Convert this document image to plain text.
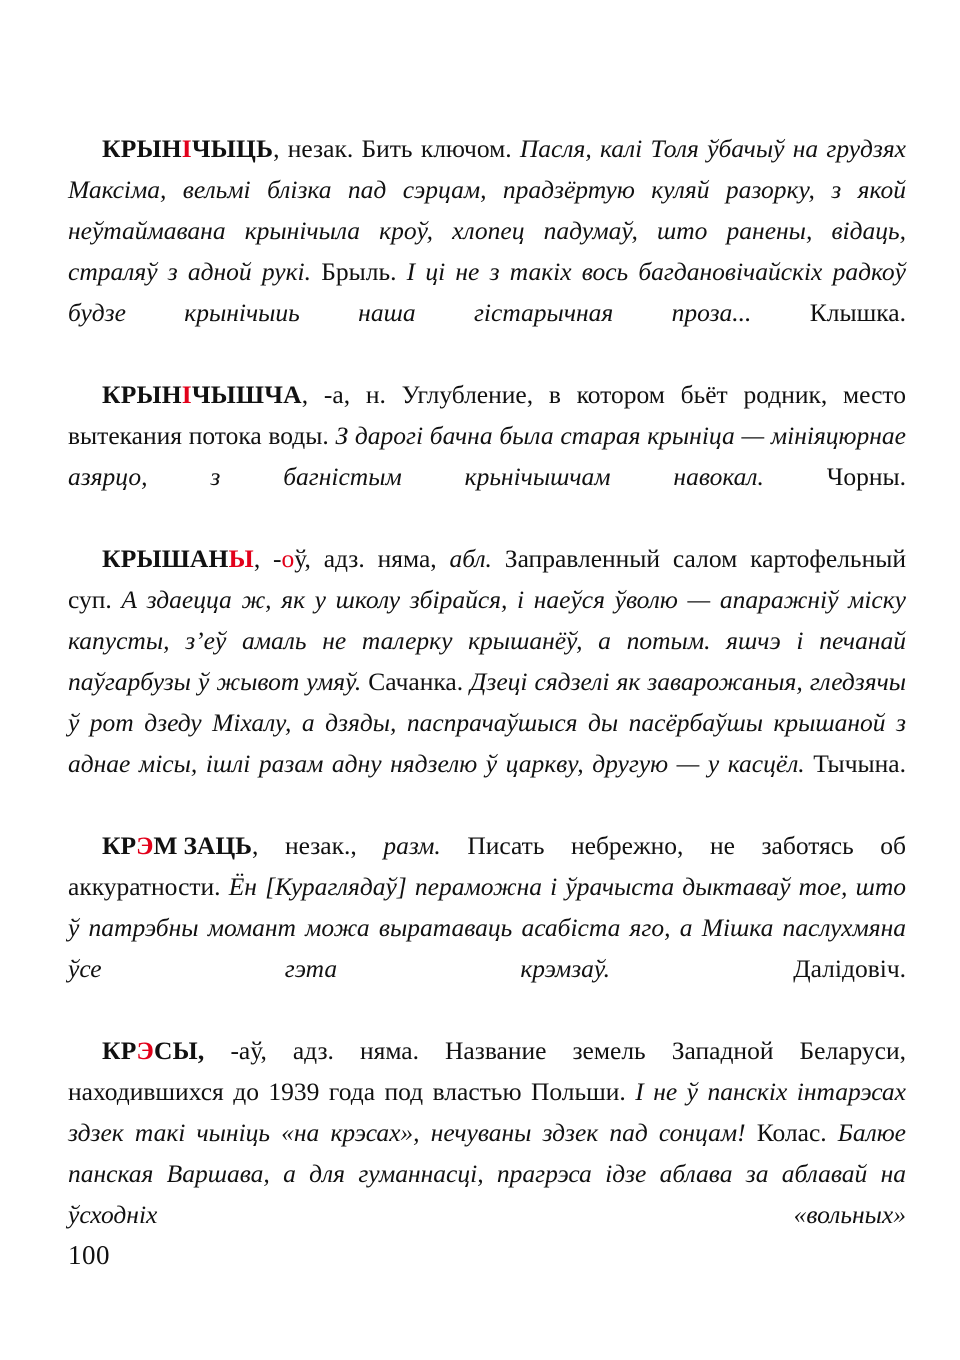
КРЫНІЧЫЦЬ, незак. Бить ключом. Пасля, калі Толя ўбачыў на грудзях Максіма, вельмі блізка пад сэрцам, прадзёртую куляй разорку, з якой неўтаймавана крынічыла кроў, хлопец падумаў, што ранены, відаць, страляў з адной рукі. Брыль. І ці не з такіх вось багдановічайскіх радкоў будзе крынічыиь наша гістарычная проза... Клышка.

КРЫНІЧЫШЧА, -а, н. Углубление, в котором бьёт родник, место вытекания потока воды. З дарогі бачна была старая крыніца — мініяцюрнае азярцо, з багністым крьнічышчам навокал. Чорны.

КРЫШАНЫ, -оў, адз. няма, абл. Заправленный салом картофельный суп. А здаецца ж, як у школу збірайся, і наеўся ўволю — апаражніў міску капусты, з’еў амаль не талерку крышанёў, а потым. яшчэ і печанай паўгарбузы ў жывот умяў. Сачанка. Дзеці сядзелі як заварожаныя, гледзячы ў рот дзеду Міхалу, а дзяды, паспрачаўшыся ды пасёрбаўшы крышаной з аднае місы, ішлі разам адну нядзелю ў царкву, другую — у касцёл. Тычына.

КРЭМ ЗАЦЬ, незак., разм. Писать небрежно, не заботясь об аккуратности. Ён [Кураглядаў] пераможна і ўрачыста дыктаваў тое, што ў патрэбны момант можа выратаваць асабіста яго, а Мішка паслухмяна ўсе гэта крэмзаў.	Далідовіч.

КРЭСЫ, -аў, адз. няма. Название земель Западной Беларуси, находившихся до 1939 года под властью Польши. І не ў панскіх інтарэсах здзек такі чыніць «на крэсах», нечуваны здзек пад сонцам! Колас. Балюе панская Варшава, а для гуманнасці, прагрэса ідзе аблава за аблавай на ўсходніх «вольных»

100
